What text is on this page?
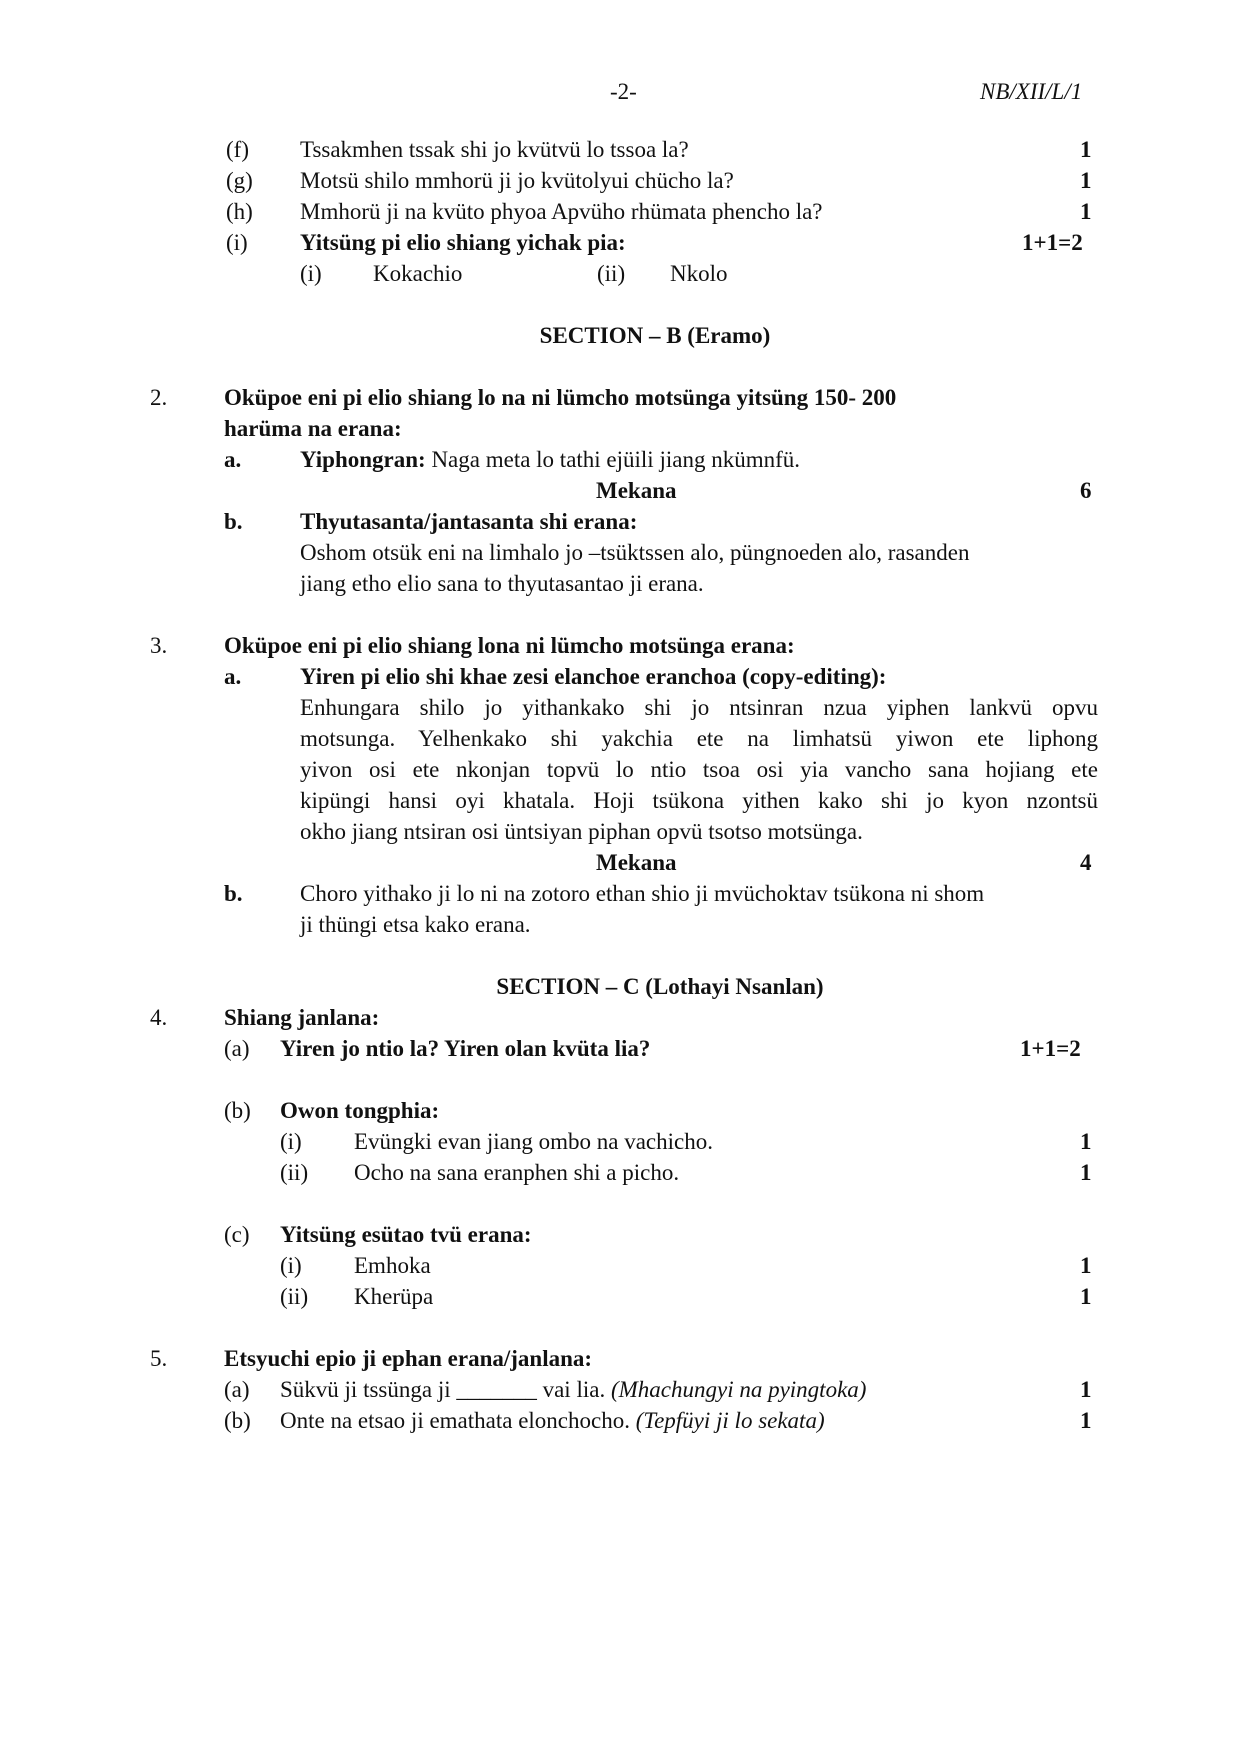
-2-	NB/XII/L/1
(f) Tssakmhen tssak shi jo kvütvü lo tssoa la?	1
(g) Motsü shilo mmhorü ji jo kvütolyui chücho la?	1
(h) Mmhorü ji na kvüto phyoa Apvüho rhümata phencho la?	1
(i) Yitsüng pi elio shiang yichak pia:	1+1=2
(i) Kokachio	(ii) Nkolo
SECTION – B (Eramo)
2. Oküpoe eni pi elio shiang lo na ni lümcho motsünga yitsüng 150- 200
harüma na erana:
a.	Yiphongran: Naga meta lo tathi ejüili jiang nkümnfü.
Mekana	6
b. Thyutasanta/jantasanta shi erana:
Oshom otsük eni na limhalo jo –tsüktssen alo, püngnoeden alo, rasanden
jiang etho elio sana to thyutasantao ji erana.
3. Oküpoe eni pi elio shiang lona ni lümcho motsünga erana:
a.	Yiren pi elio shi khae zesi elanchoe eranchoa (copy-editing):
Enhungara shilo jo yithankako shi jo ntsinran nzua yiphen lankvü opvu
motsunga. Yelhenkako shi yakchia ete na limhatsü yiwon ete liphong
yivon osi ete nkonjan topvü lo ntio tsoa osi yia vancho sana hojiang ete
kipüngi hansi oyi khatala. Hoji tsükona yithen kako shi jo kyon nzontsü
okho jiang ntsiran osi üntsiyan piphan opvü tsotso motsünga.
Mekana	4
b. Choro yithako ji lo ni na zotoro ethan shio ji mvüchoktav tsükona ni shom
ji thüngi etsa kako erana.
SECTION – C (Lothayi Nsanlan)
4. Shiang janlana:
(a) Yiren jo ntio la? Yiren olan kvüta lia?	1+1=2
(b) Owon tongphia:
(i) Evüngki evan jiang ombo na vachicho.	1
(ii) Ocho na sana eranphen shi a picho.	1
(c) Yitsüng esütao tvü erana:
(i) Emhoka	1
(ii) Kherüpa	1
5. Etsyuchi epio ji ephan erana/janlana:
(a) Sükvü ji tssünga ji _______ vai lia. (Mhachungyi na pyingtoka)	1
(b) Onte na etsao ji emathata elonchocho. (Tepfüyi ji lo sekata)	1
